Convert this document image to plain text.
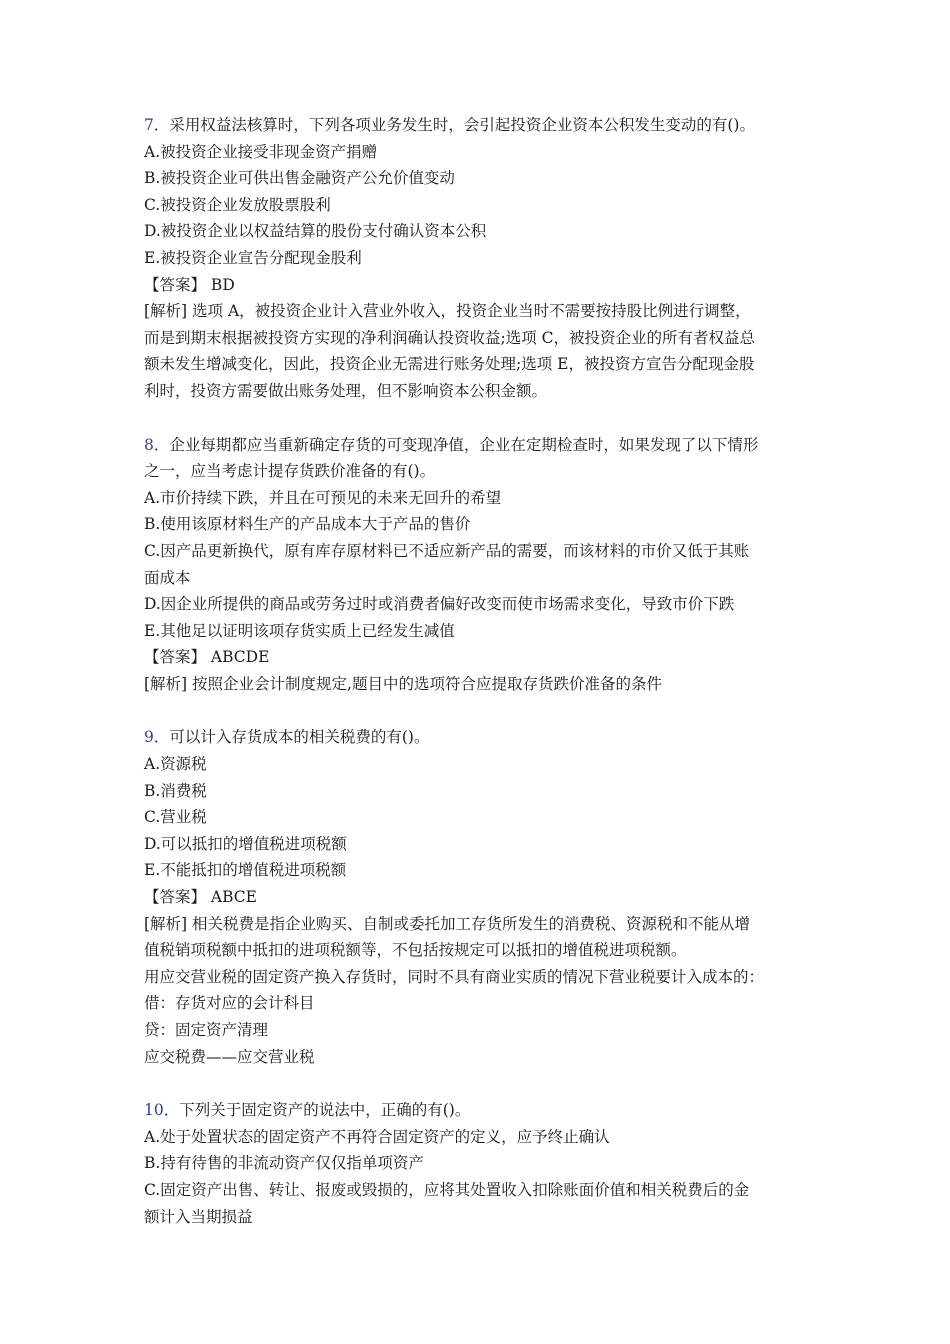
7．采用权益法核算时，下列各项业务发生时，会引起投资企业资本公积发生变动的有()。
A.被投资企业接受非现金资产捐赠
B.被投资企业可供出售金融资产公允价值变动
C.被投资企业发放股票股利
D.被投资企业以权益结算的股份支付确认资本公积
E.被投资企业宣告分配现金股利
【答案】 BD
[解析] 选项 A，被投资企业计入营业外收入，投资企业当时不需要按持股比例进行调整，
而是到期末根据被投资方实现的净利润确认投资收益;选项 C，被投资企业的所有者权益总
额未发生增减变化，因此，投资企业无需进行账务处理;选项 E，被投资方宣告分配现金股
利时，投资方需要做出账务处理，但不影响资本公积金额。
8．企业每期都应当重新确定存货的可变现净值，企业在定期检查时，如果发现了以下情形
之一，应当考虑计提存货跌价准备的有()。
A.市价持续下跌，并且在可预见的未来无回升的希望
B.使用该原材料生产的产品成本大于产品的售价
C.因产品更新换代，原有库存原材料已不适应新产品的需要，而该材料的市价又低于其账
面成本
D.因企业所提供的商品或劳务过时或消费者偏好改变而使市场需求变化，导致市价下跌
E.其他足以证明该项存货实质上已经发生减值
【答案】 ABCDE
[解析] 按照企业会计制度规定,题目中的选项符合应提取存货跌价准备的条件
9．可以计入存货成本的相关税费的有()。
A.资源税
B.消费税
C.营业税
D.可以抵扣的增值税进项税额
E.不能抵扣的增值税进项税额
【答案】 ABCE
[解析] 相关税费是指企业购买、自制或委托加工存货所发生的消费税、资源税和不能从增
值税销项税额中抵扣的进项税额等，不包括按规定可以抵扣的增值税进项税额。
用应交营业税的固定资产换入存货时，同时不具有商业实质的情况下营业税要计入成本的：
借：存货对应的会计科目
贷：固定资产清理
应交税费——应交营业税
10．下列关于固定资产的说法中，正确的有()。
A.处于处置状态的固定资产不再符合固定资产的定义，应予终止确认
B.持有待售的非流动资产仅仅指单项资产
C.固定资产出售、转让、报废或毁损的，应将其处置收入扣除账面价值和相关税费后的金
额计入当期损益
